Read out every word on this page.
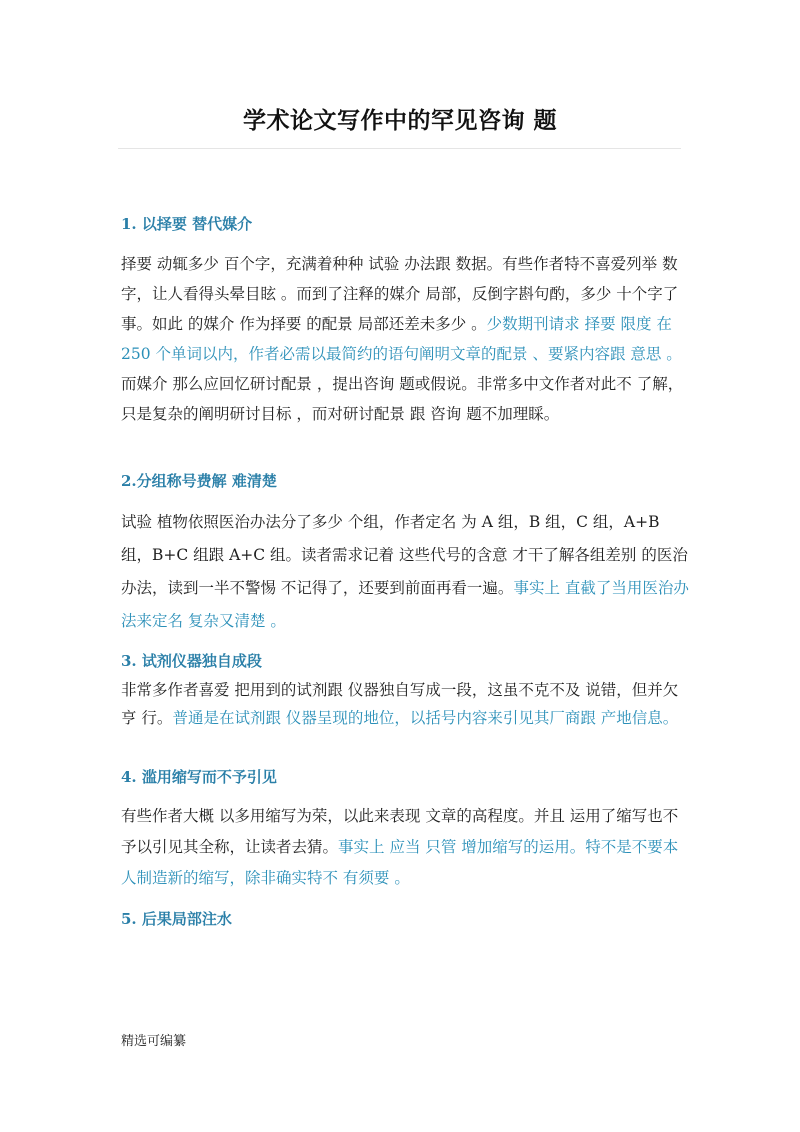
学术论文写作中的罕见咨询 题
1. 以择要 替代媒介

择要 动辄多少 百个字，充满着种种 试验 办法跟 数据。有些作者特不喜爱列举 数字，让人看得头晕目眩 。而到了注释的媒介 局部，反倒字斟句酌，多少 十个字了事。如此 的媒介 作为择要 的配景 局部还差未多少 。少数期刊请求 择要 限度 在 250 个单词以内，作者必需以最简约的语句阐明文章的配景 、要紧内容跟 意思 。而媒介 那么应回忆研讨配景 ，提出咨询 题或假说。非常多中文作者对此不 了解，只是复杂的阐明研讨目标 ，而对研讨配景 跟 咨询 题不加理睬。

2.分组称号费解 难清楚

试验 植物依照医治办法分了多少 个组，作者定名 为 A 组，B 组，C 组，A+B 组，B+C 组跟 A+C 组。读者需求记着 这些代号的含意 才干了解各组差别 的医治办法，读到一半不警惕 不记得了，还要到前面再看一遍。事实上 直截了当用医治办法来定名 复杂又清楚 。

3. 试剂仪器独自成段

非常多作者喜爱 把用到的试剂跟 仪器独自写成一段，这虽不克不及 说错，但并欠亨 行。普通是在试剂跟 仪器呈现的地位，以括号内容来引见其厂商跟 产地信息。

4. 滥用缩写而不予引见

有些作者大概 以多用缩写为荣，以此来表现 文章的高程度。并且 运用了缩写也不予以引见其全称，让读者去猜。事实上 应当 只管 增加缩写的运用。特不是不要本人制造新的缩写，除非确实特不 有须要 。

5. 后果局部注水

精选可编纂
